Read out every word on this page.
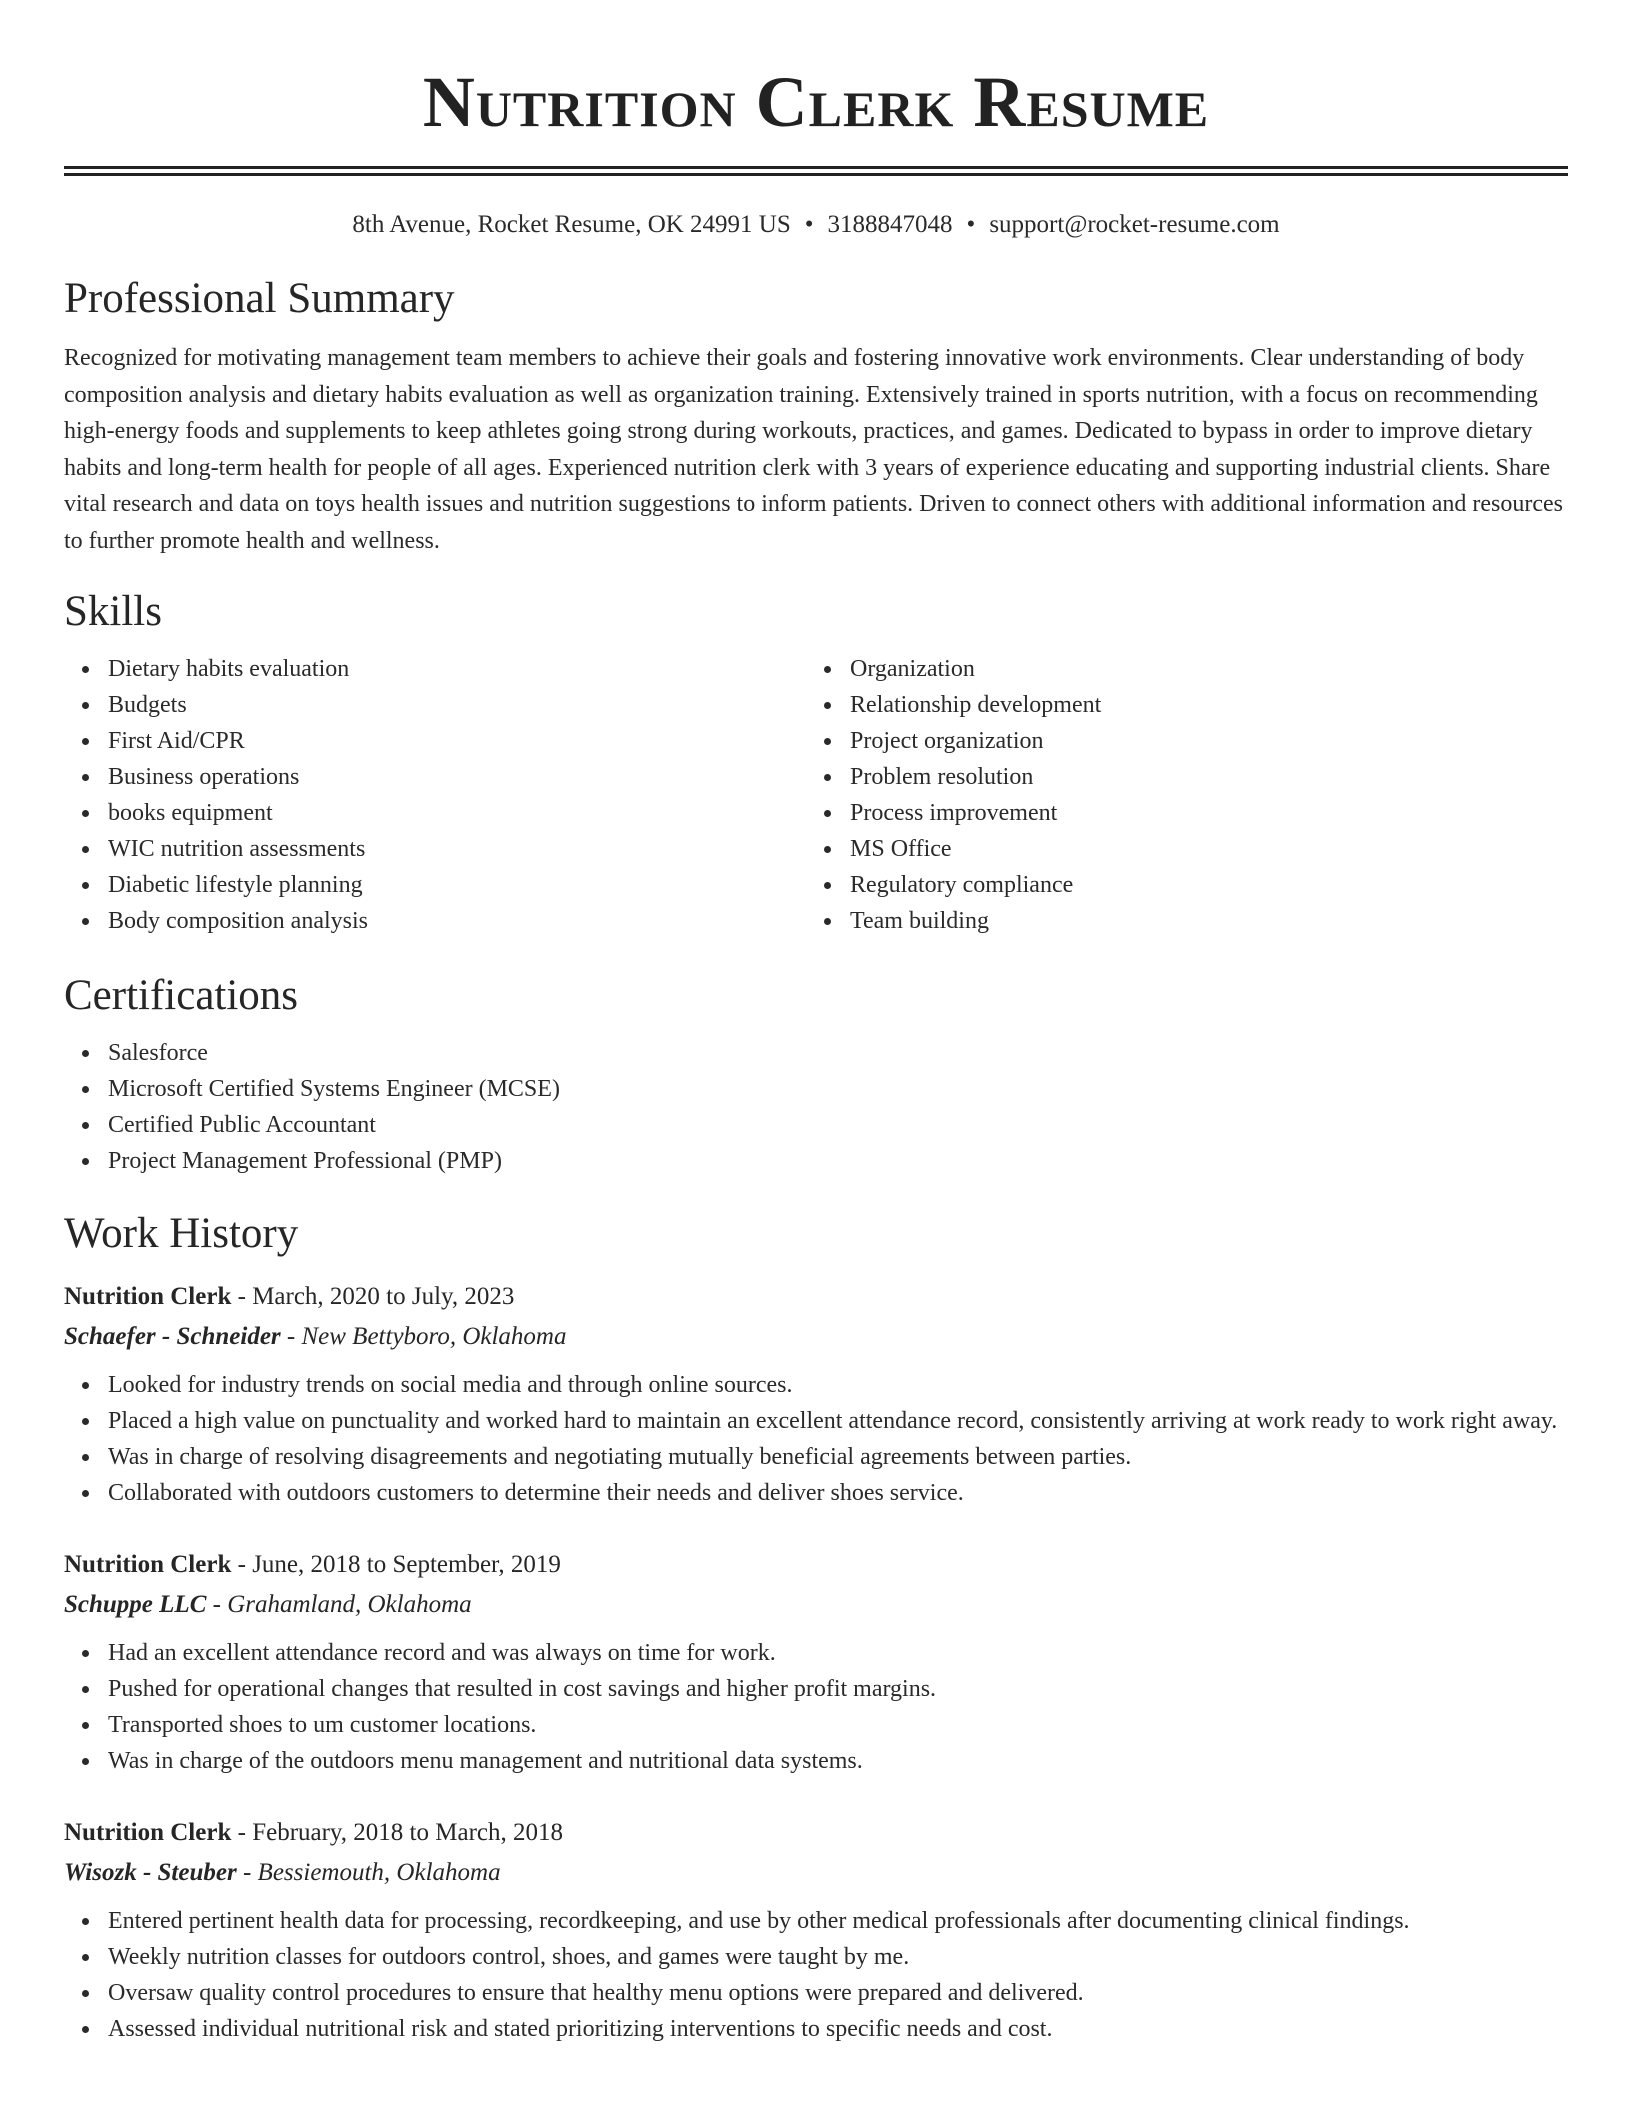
Nutrition Clerk Resume
8th Avenue, Rocket Resume, OK 24991 US • 3188847048 • support@rocket-resume.com
Professional Summary

Recognized for motivating management team members to achieve their goals and fostering innovative work environments. Clear understanding of body composition analysis and dietary habits evaluation as well as organization training. Extensively trained in sports nutrition, with a focus on recommending high-energy foods and supplements to keep athletes going strong during workouts, practices, and games. Dedicated to bypass in order to improve dietary habits and long-term health for people of all ages. Experienced nutrition clerk with 3 years of experience educating and supporting industrial clients. Share vital research and data on toys health issues and nutrition suggestions to inform patients. Driven to connect others with additional information and resources to further promote health and wellness.

Skills
Dietary habits evaluation
Budgets
First Aid/CPR
Business operations
books equipment
WIC nutrition assessments
Diabetic lifestyle planning
Body composition analysis
Organization
Relationship development
Project organization
Problem resolution
Process improvement
MS Office
Regulatory compliance
Team building
Certifications
Salesforce
Microsoft Certified Systems Engineer (MCSE)
Certified Public Accountant
Project Management Professional (PMP)
Work History
Nutrition Clerk - March, 2020 to July, 2023
Schaefer - Schneider - New Bettyboro, Oklahoma
Looked for industry trends on social media and through online sources.
Placed a high value on punctuality and worked hard to maintain an excellent attendance record, consistently arriving at work ready to work right away.
Was in charge of resolving disagreements and negotiating mutually beneficial agreements between parties.
Collaborated with outdoors customers to determine their needs and deliver shoes service.
Nutrition Clerk - June, 2018 to September, 2019
Schuppe LLC - Grahamland, Oklahoma
Had an excellent attendance record and was always on time for work.
Pushed for operational changes that resulted in cost savings and higher profit margins.
Transported shoes to um customer locations.
Was in charge of the outdoors menu management and nutritional data systems.
Nutrition Clerk - February, 2018 to March, 2018
Wisozk - Steuber - Bessiemouth, Oklahoma
Entered pertinent health data for processing, recordkeeping, and use by other medical professionals after documenting clinical findings.
Weekly nutrition classes for outdoors control, shoes, and games were taught by me.
Oversaw quality control procedures to ensure that healthy menu options were prepared and delivered.
Assessed individual nutritional risk and stated prioritizing interventions to specific needs and cost.
